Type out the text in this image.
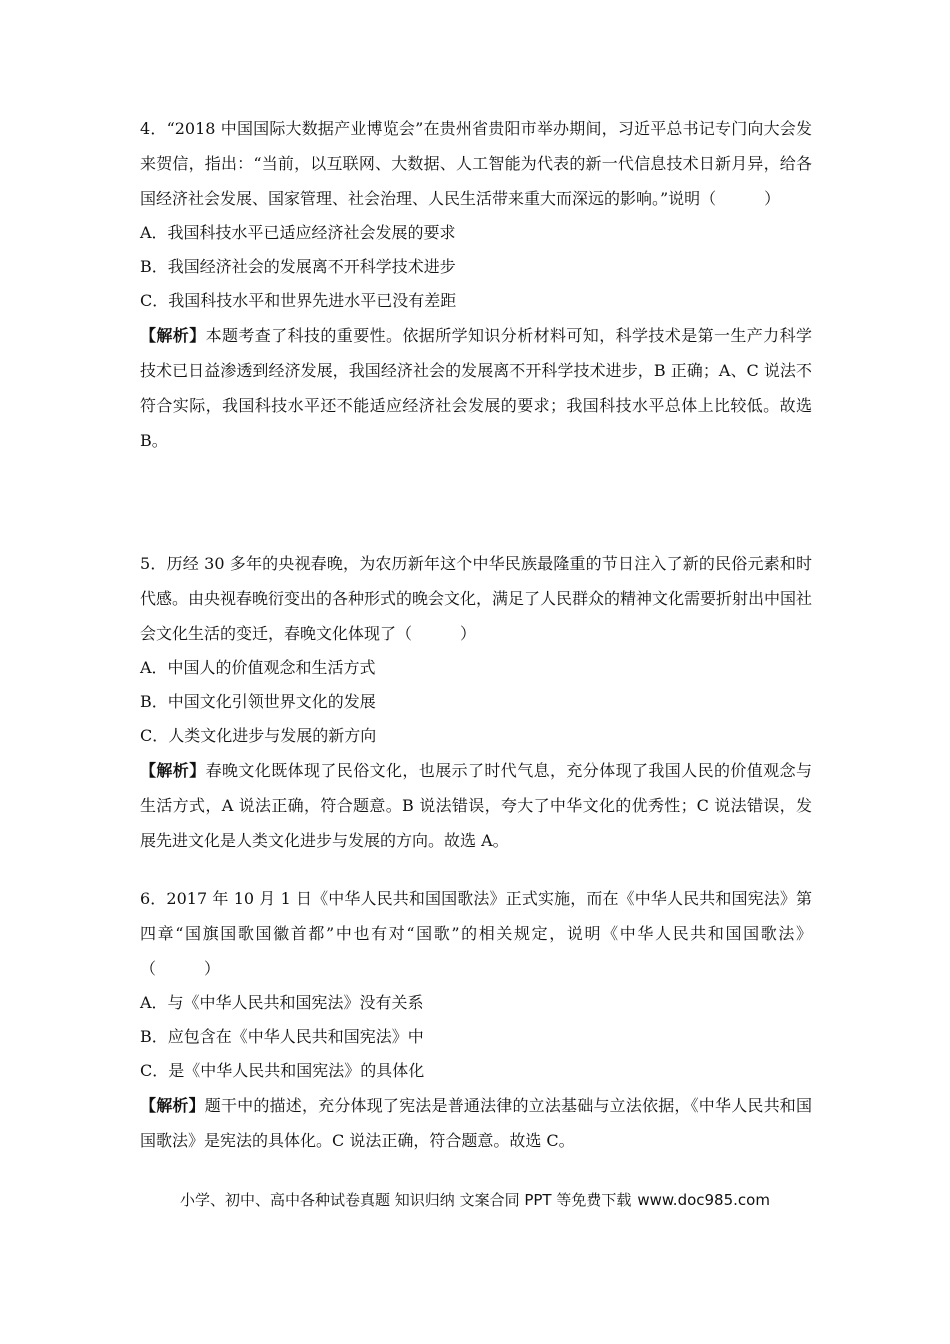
4．“2018 中国国际大数据产业博览会”在贵州省贵阳市举办期间，习近平总书记专门向大会发来贺信，指出：“当前，以互联网、大数据、人工智能为代表的新一代信息技术日新月异，给各国经济社会发展、国家管理、社会治理、人民生活带来重大而深远的影响。”说明（　　　）

A．我国科技水平已适应经济社会发展的要求

B．我国经济社会的发展离不开科学技术进步

C．我国科技水平和世界先进水平已没有差距

【解析】本题考查了科技的重要性。依据所学知识分析材料可知，科学技术是第一生产力科学技术已日益渗透到经济发展，我国经济社会的发展离不开科学技术进步，B 正确；A、C 说法不符合实际，我国科技水平还不能适应经济社会发展的要求；我国科技水平总体上比较低。故选 B。

5．历经 30 多年的央视春晚，为农历新年这个中华民族最隆重的节日注入了新的民俗元素和时代感。由央视春晚衍变出的各种形式的晚会文化，满足了人民群众的精神文化需要折射出中国社会文化生活的变迁，春晚文化体现了（　　　）

A．中国人的价值观念和生活方式

B．中国文化引领世界文化的发展

C．人类文化进步与发展的新方向

【解析】春晚文化既体现了民俗文化，也展示了时代气息，充分体现了我国人民的价值观念与生活方式，A 说法正确，符合题意。B 说法错误，夸大了中华文化的优秀性；C 说法错误，发展先进文化是人类文化进步与发展的方向。故选 A。

6．2017 年 10 月 1 日《中华人民共和国国歌法》正式实施，而在《中华人民共和国宪法》第四章“国旗国歌国徽首都”中也有对“国歌”的相关规定，说明《中华人民共和国国歌法》（　　　）

A．与《中华人民共和国宪法》没有关系

B．应包含在《中华人民共和国宪法》中

C．是《中华人民共和国宪法》的具体化

【解析】题干中的描述，充分体现了宪法是普通法律的立法基础与立法依据，《中华人民共和国国歌法》是宪法的具体化。C 说法正确，符合题意。故选 C。

小学、初中、高中各种试卷真题 知识归纳 文案合同 PPT 等免费下载 www.doc985.com
